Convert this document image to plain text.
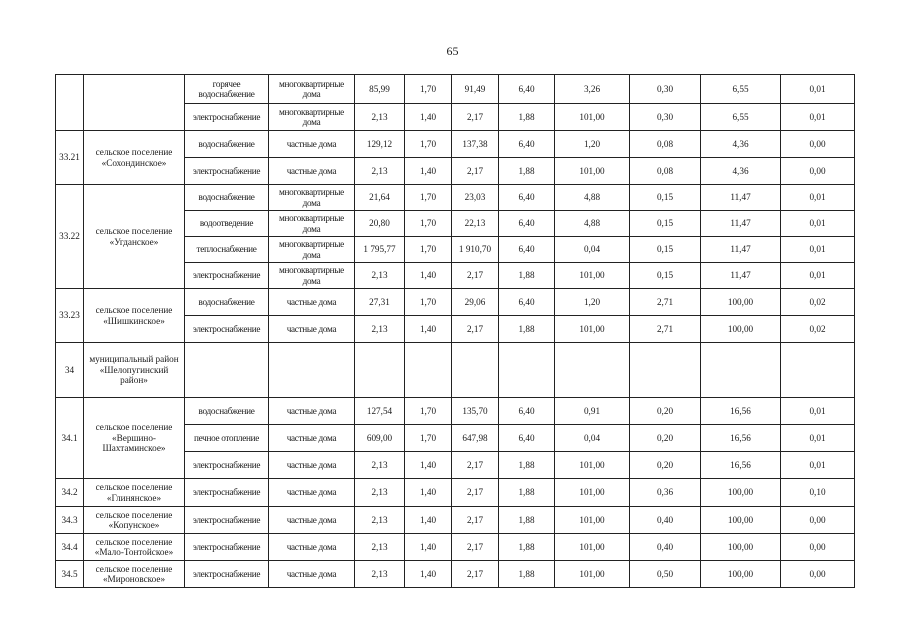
65
		горячее водоснабжение	многоквартирные дома	85,99	1,70	91,49	6,40	3,26	0,30	6,55	0,01
		электроснабжение	многоквартирные дома	2,13	1,40	2,17	1,88	101,00	0,30	6,55	0,01
33.21	сельское поселение «Сохондинское»	водоснабжение	частные дома	129,12	1,70	137,38	6,40	1,20	0,08	4,36	0,00
		электроснабжение	частные дома	2,13	1,40	2,17	1,88	101,00	0,08	4,36	0,00
33.22	сельское поселение «Угданское»	водоснабжение	многоквартирные дома	21,64	1,70	23,03	6,40	4,88	0,15	11,47	0,01
		водоотведение	многоквартирные дома	20,80	1,70	22,13	6,40	4,88	0,15	11,47	0,01
		теплоснабжение	многоквартирные дома	1 795,77	1,70	1 910,70	6,40	0,04	0,15	11,47	0,01
		электроснабжение	многоквартирные дома	2,13	1,40	2,17	1,88	101,00	0,15	11,47	0,01
33.23	сельское поселение «Шишкинское»	водоснабжение	частные дома	27,31	1,70	29,06	6,40	1,20	2,71	100,00	0,02
		электроснабжение	частные дома	2,13	1,40	2,17	1,88	101,00	2,71	100,00	0,02
34	муниципальный район «Шелопугинский район»										
34.1	сельское поселение «Вершино-Шахтаминское»	водоснабжение	частные дома	127,54	1,70	135,70	6,40	0,91	0,20	16,56	0,01
		печное отопление	частные дома	609,00	1,70	647,98	6,40	0,04	0,20	16,56	0,01
		электроснабжение	частные дома	2,13	1,40	2,17	1,88	101,00	0,20	16,56	0,01
34.2	сельское поселение «Глинянское»	электроснабжение	частные дома	2,13	1,40	2,17	1,88	101,00	0,36	100,00	0,10
34.3	сельское поселение «Копунское»	электроснабжение	частные дома	2,13	1,40	2,17	1,88	101,00	0,40	100,00	0,00
34.4	сельское поселение «Мало-Тонтойское»	электроснабжение	частные дома	2,13	1,40	2,17	1,88	101,00	0,40	100,00	0,00
34.5	сельское поселение «Мироновское»	электроснабжение	частные дома	2,13	1,40	2,17	1,88	101,00	0,50	100,00	0,00
